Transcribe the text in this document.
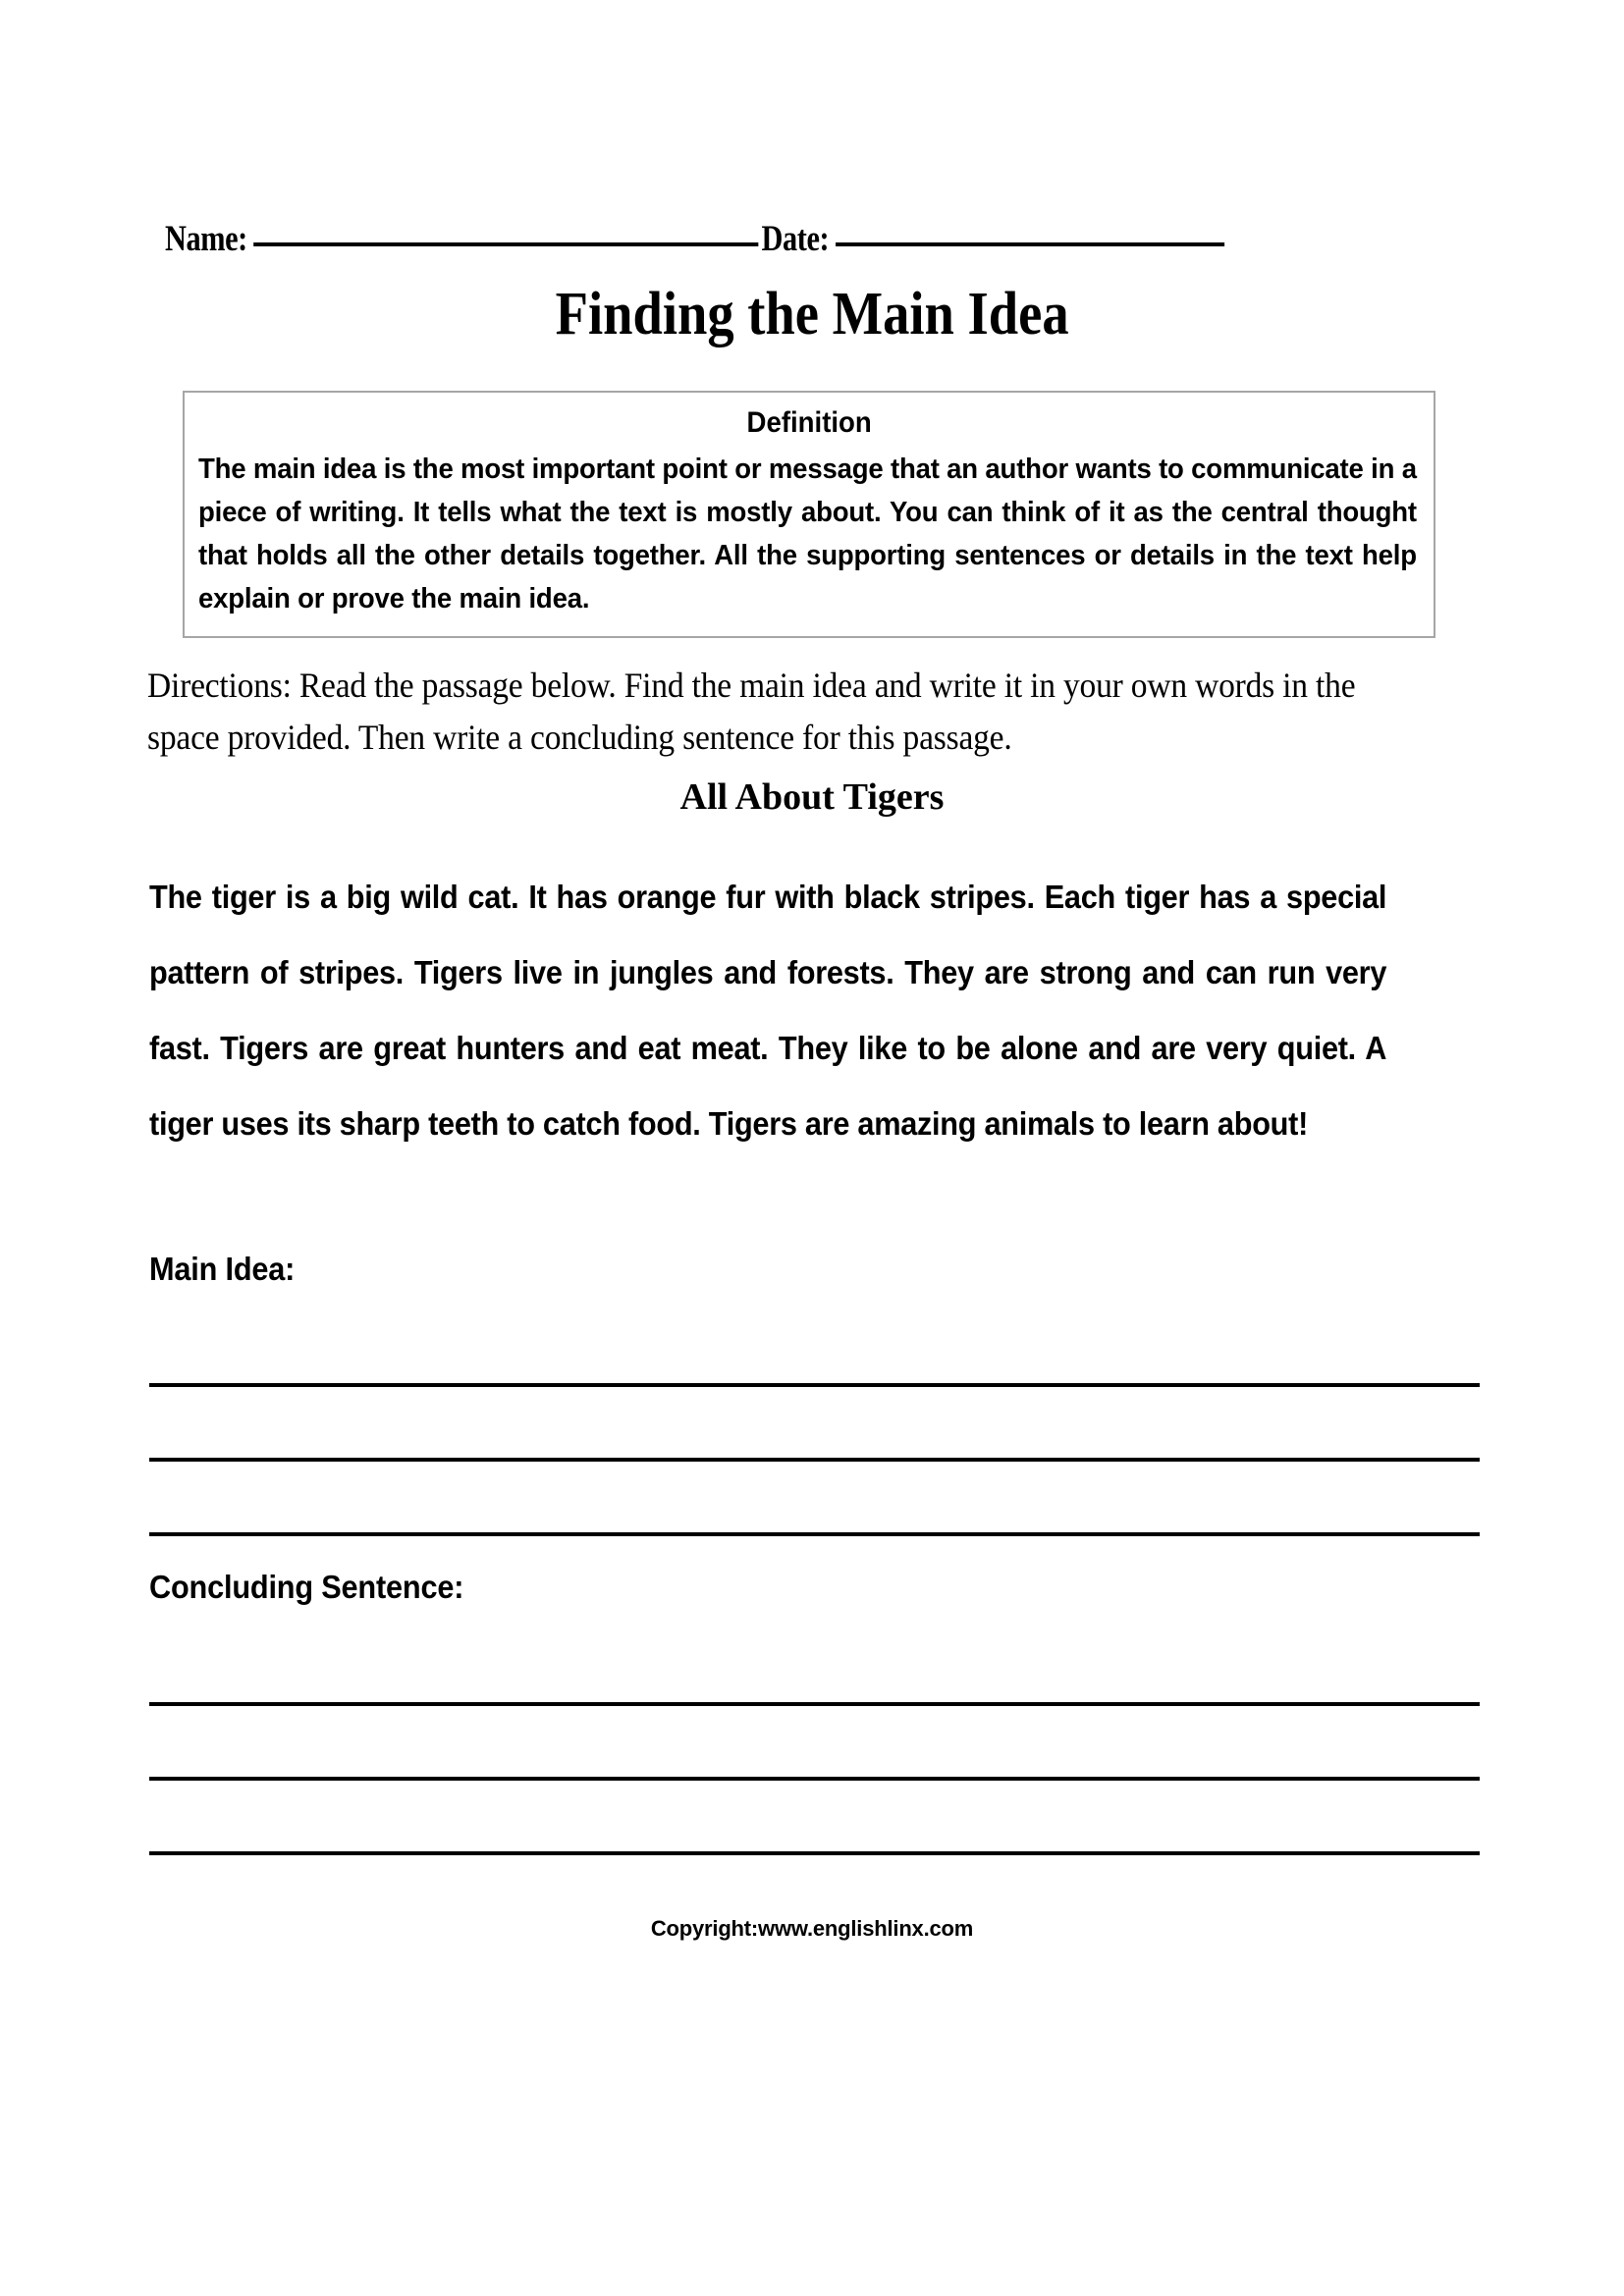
Name:	Date:
Finding the Main Idea
Definition
The main idea is the most important point or message that an author wants to communicate in a piece of writing. It tells what the text is mostly about. You can think of it as the central thought that holds all the other details together. All the supporting sentences or details in the text help explain or prove the main idea.
Directions: Read the passage below. Find the main idea and write it in your own words in the space provided. Then write a concluding sentence for this passage.
All About Tigers
The tiger is a big wild cat. It has orange fur with black stripes. Each tiger has a special pattern of stripes. Tigers live in jungles and forests. They are strong and can run very fast. Tigers are great hunters and eat meat. They like to be alone and are very quiet. A tiger uses its sharp teeth to catch food. Tigers are amazing animals to learn about!
Main Idea:
Concluding Sentence:
Copyright:www.englishlinx.com
